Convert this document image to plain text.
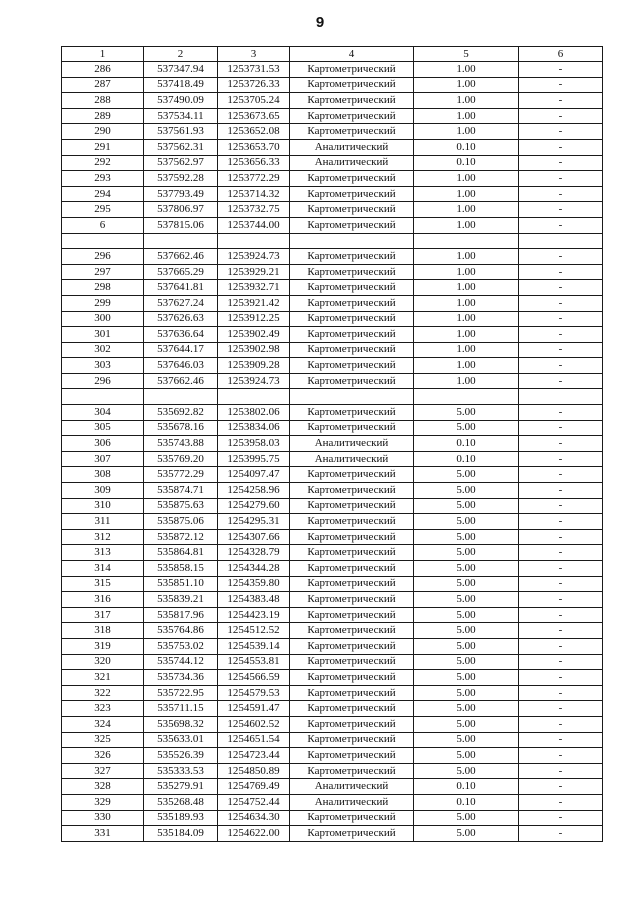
9
1	2	3	4	5	6
286	537347.94	1253731.53	Картометрический	1.00	-
287	537418.49	1253726.33	Картометрический	1.00	-
288	537490.09	1253705.24	Картометрический	1.00	-
289	537534.11	1253673.65	Картометрический	1.00	-
290	537561.93	1253652.08	Картометрический	1.00	-
291	537562.31	1253653.70	Аналитический	0.10	-
292	537562.97	1253656.33	Аналитический	0.10	-
293	537592.28	1253772.29	Картометрический	1.00	-
294	537793.49	1253714.32	Картометрический	1.00	-
295	537806.97	1253732.75	Картометрический	1.00	-
6	537815.06	1253744.00	Картометрический	1.00	-

296	537662.46	1253924.73	Картометрический	1.00	-
297	537665.29	1253929.21	Картометрический	1.00	-
298	537641.81	1253932.71	Картометрический	1.00	-
299	537627.24	1253921.42	Картометрический	1.00	-
300	537626.63	1253912.25	Картометрический	1.00	-
301	537636.64	1253902.49	Картометрический	1.00	-
302	537644.17	1253902.98	Картометрический	1.00	-
303	537646.03	1253909.28	Картометрический	1.00	-
296	537662.46	1253924.73	Картометрический	1.00	-

304	535692.82	1253802.06	Картометрический	5.00	-
305	535678.16	1253834.06	Картометрический	5.00	-
306	535743.88	1253958.03	Аналитический	0.10	-
307	535769.20	1253995.75	Аналитический	0.10	-
308	535772.29	1254097.47	Картометрический	5.00	-
309	535874.71	1254258.96	Картометрический	5.00	-
310	535875.63	1254279.60	Картометрический	5.00	-
311	535875.06	1254295.31	Картометрический	5.00	-
312	535872.12	1254307.66	Картометрический	5.00	-
313	535864.81	1254328.79	Картометрический	5.00	-
314	535858.15	1254344.28	Картометрический	5.00	-
315	535851.10	1254359.80	Картометрический	5.00	-
316	535839.21	1254383.48	Картометрический	5.00	-
317	535817.96	1254423.19	Картометрический	5.00	-
318	535764.86	1254512.52	Картометрический	5.00	-
319	535753.02	1254539.14	Картометрический	5.00	-
320	535744.12	1254553.81	Картометрический	5.00	-
321	535734.36	1254566.59	Картометрический	5.00	-
322	535722.95	1254579.53	Картометрический	5.00	-
323	535711.15	1254591.47	Картометрический	5.00	-
324	535698.32	1254602.52	Картометрический	5.00	-
325	535633.01	1254651.54	Картометрический	5.00	-
326	535526.39	1254723.44	Картометрический	5.00	-
327	535333.53	1254850.89	Картометрический	5.00	-
328	535279.91	1254769.49	Аналитический	0.10	-
329	535268.48	1254752.44	Аналитический	0.10	-
330	535189.93	1254634.30	Картометрический	5.00	-
331	535184.09	1254622.00	Картометрический	5.00	-
